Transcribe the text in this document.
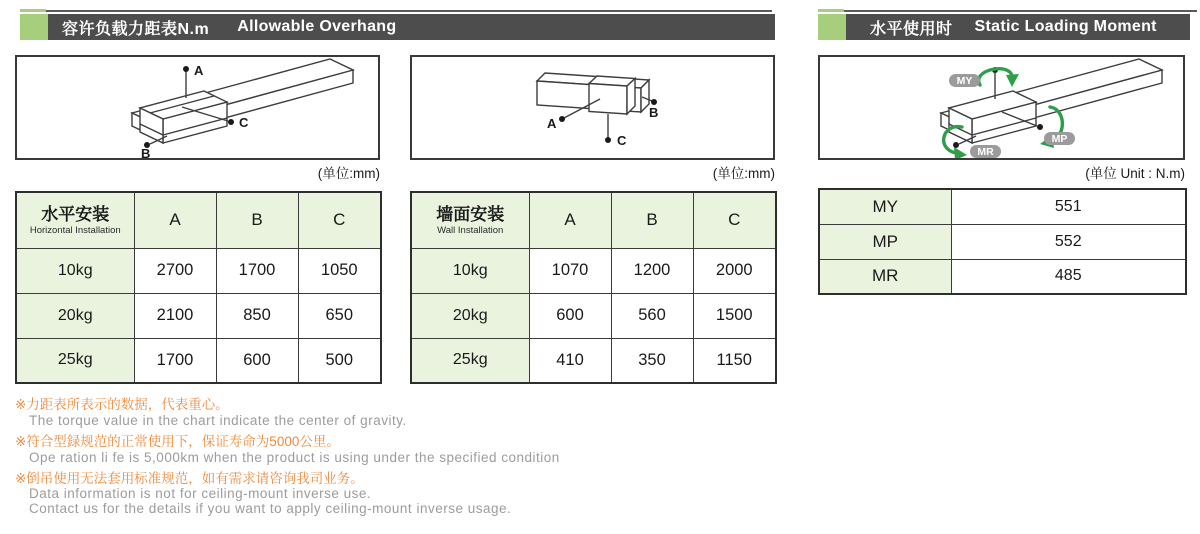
容许负载力距表N.m Allowable Overhang	水平使用时 Static Loading Moment
A
B
C	A
C
B
MY
MP
MR
(单位:mm)	(单位:mm)	(单位 Unit : N.m)
水平安装
Horizontal Installation	A	B	C
10kg	2700	1700	1050
20kg	2100	850	650
25kg	1700	600	500
墙面安装
Wall Installation	A	B	C
10kg	1070	1200	2000
20kg	600	560	1500
25kg	410	350	1150
MY	551
MP	552
MR	485
※力距表所表示的数据，代表重心。
The torque value in the chart indicate the center of gravity.
※符合型録规范的正常使用下，保证寿命为5000公里。
Ope ration li fe is 5,000km when the product is using under the specified condition
※倒吊使用无法套用标准规范，如有需求请咨询我司业务。
Data information is not for ceiling-mount inverse use.
Contact us for the details if you want to apply ceiling-mount inverse usage.
